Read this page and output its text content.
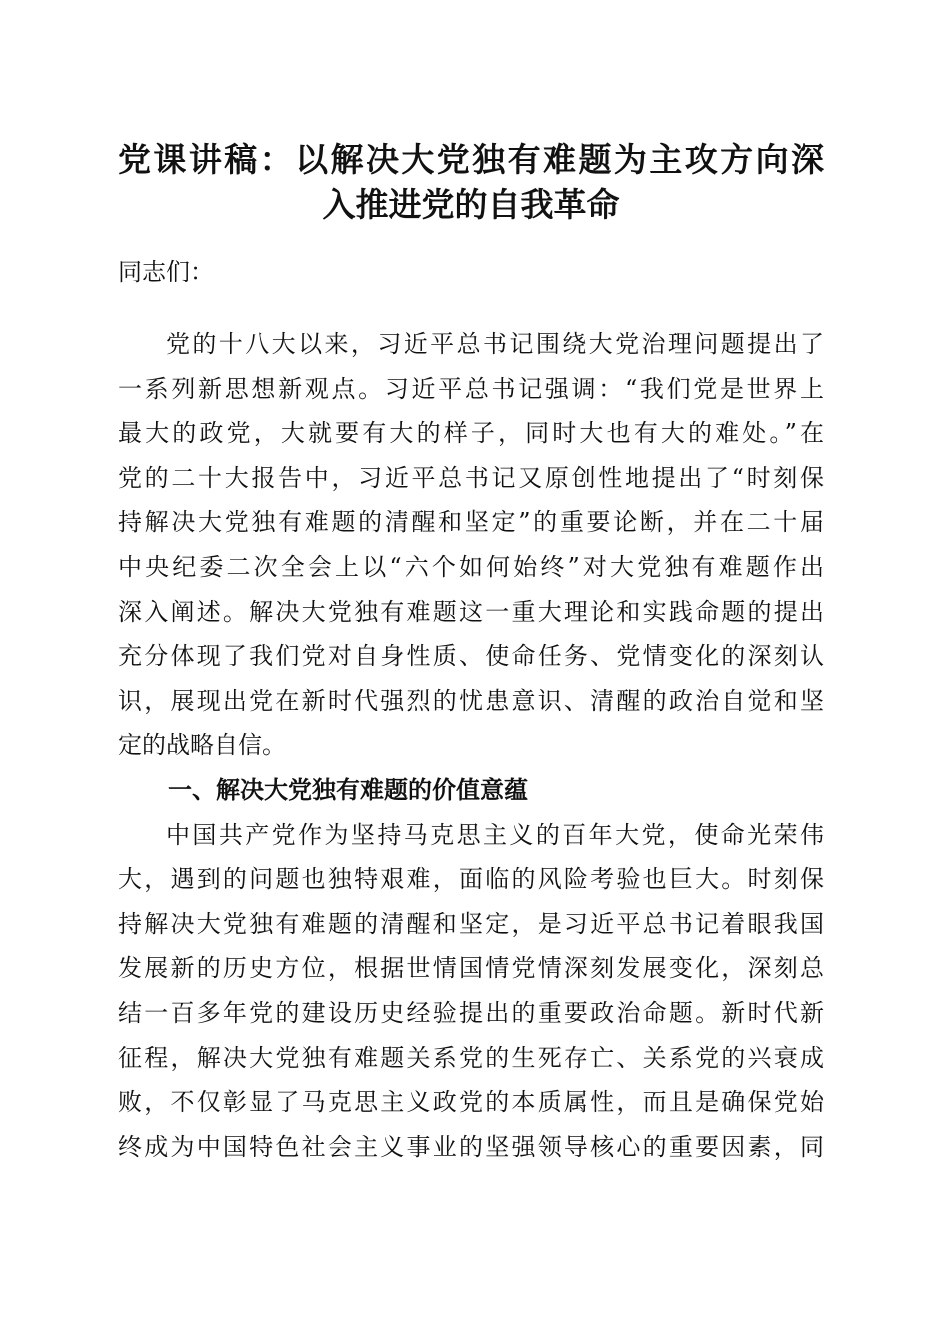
党课讲稿：以解决大党独有难题为主攻方向深
入推进党的自我革命
同志们：
党的十八大以来，习近平总书记围绕大党治理问题提出了
一系列新思想新观点。习近平总书记强调：“我们党是世界上
最大的政党，大就要有大的样子，同时大也有大的难处。”在
党的二十大报告中，习近平总书记又原创性地提出了“时刻保
持解决大党独有难题的清醒和坚定”的重要论断，并在二十届
中央纪委二次全会上以“六个如何始终”对大党独有难题作出
深入阐述。解决大党独有难题这一重大理论和实践命题的提出
充分体现了我们党对自身性质、使命任务、党情变化的深刻认
识，展现出党在新时代强烈的忧患意识、清醒的政治自觉和坚
定的战略自信。
一、解决大党独有难题的价值意蕴
中国共产党作为坚持马克思主义的百年大党，使命光荣伟
大，遇到的问题也独特艰难，面临的风险考验也巨大。时刻保
持解决大党独有难题的清醒和坚定，是习近平总书记着眼我国
发展新的历史方位，根据世情国情党情深刻发展变化，深刻总
结一百多年党的建设历史经验提出的重要政治命题。新时代新
征程，解决大党独有难题关系党的生死存亡、关系党的兴衰成
败，不仅彰显了马克思主义政党的本质属性，而且是确保党始
终成为中国特色社会主义事业的坚强领导核心的重要因素，同
